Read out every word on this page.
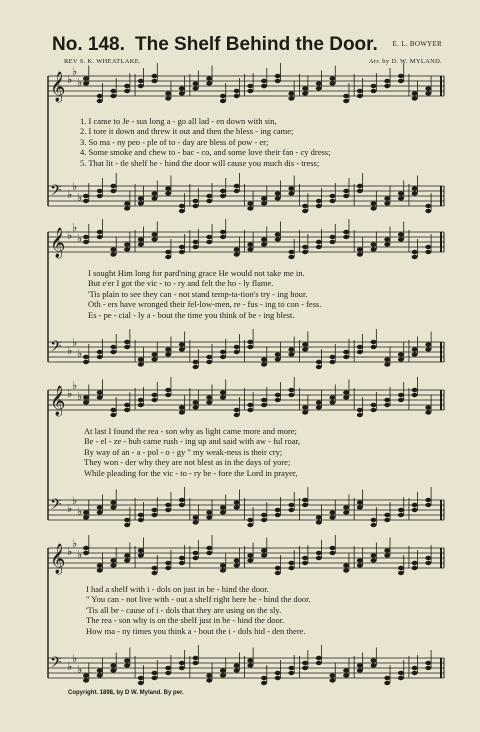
No. 148. The Shelf Behind the Door. E. L. BOWYER
REV S. K. WHEATLAKE.	Arr. by D. W. MYLAND.
𝄞 ♭
♭
♭
𝄢 ♭
♭
♭
𝄞 ♭
♭
♭
𝄢 ♭
♭
♭
𝄞 ♭
♭
♭
𝄢 ♭
♭
♭
𝄞 ♭
♭
♭
𝄢 ♭
♭
♭
1. I came to Je - sus long a - go all lad - en down with sin,
2. I tore it down and threw it out and then the bless - ing came;
3. So ma - ny peo - ple of to - day are bless of pow - er;
4. Some smoke and chew to - bac - co, and some love their fan - cy dress;
5. That lit - tle shelf be - hind the door will cause you much dis - tress;
I sought Him long for pard'ning grace He would not take me in.
But e'er I got the vic - to - ry and felt the ho - ly flame.
'Tis plain to see they can - not stand temp-ta-tion's try - ing hour.
Oth - ers have wronged their fel-low-men, re - fus - ing to con - fess.
Es - pe - cial - ly a - bout the time you think of be - ing blest.
At last I found the rea - son why as light came more and more;
Be - el - ze - bub came rush - ing up and said with aw - ful roar,
By way of an - a - pol - o - gy " my weak-ness is their cry;
They won - der why they are not blest as in the days of yore;
While pleading for the vic - to - ry be - fore the Lord in prayer,
I had a shelf with i - dols on just in be - hind the door.
" You can - not live with - out a shelf right here be - hind the door.
'Tis all be - cause of i - dols that they are using on the sly.
The rea - son why is on the shelf just in be - hind the door.
How ma - ny times you think a - bout the i - dols hid - den there.
Copyright. 1898, by D W. Myland. By per.
